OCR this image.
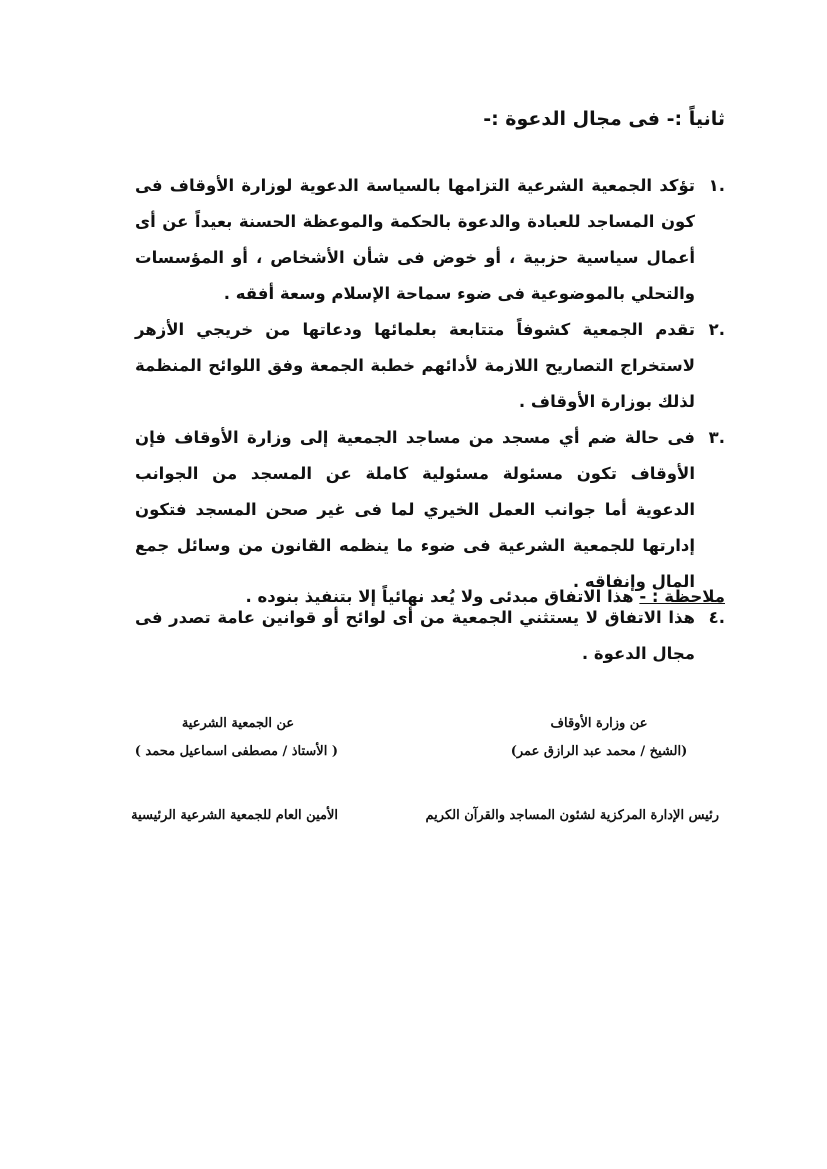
ثانياً :- فى مجال الدعوة :-
.١
تؤكد الجمعية الشرعية التزامها بالسياسة الدعوية لوزارة الأوقاف فى كون المساجد للعبادة والدعوة بالحكمة والموعظة الحسنة بعيداً عن أى أعمال سياسية حزبية ، أو خوض فى شأن الأشخاص ، أو المؤسسات والتحلي بالموضوعية فى ضوء سماحة الإسلام وسعة أفقه .
.٢
تقدم الجمعية كشوفاً متتابعة بعلمائها ودعاتها من خريجي الأزهر لاستخراج التصاريح اللازمة لأدائهم خطبة الجمعة وفق اللوائح المنظمة لذلك بوزارة الأوقاف .
.٣
فى حالة ضم أي مسجد من مساجد الجمعية إلى وزارة الأوقاف فإن الأوقاف تكون مسئولة مسئولية كاملة عن المسجد من الجوانب الدعوية أما جوانب العمل الخيري لما فى غير صحن المسجد فتكون إدارتها للجمعية الشرعية فى ضوء ما ينظمه القانون من وسائل جمع المال وإنفاقه .
.٤
هذا الاتفاق لا يستثني الجمعية من أى لوائح أو قوانين عامة تصدر فى مجال الدعوة .
ملاحظة : - هذا الاتفاق مبدئى ولا يُعد نهائياً إلا بتنفيذ بنوده .
عن وزارة الأوقاف
(الشيخ / محمد عبد الرازق عمر)
رئيس الإدارة المركزية لشئون المساجد والقرآن الكريم
عن الجمعية الشرعية
( الأستاذ / مصطفى اسماعيل محمد )
الأمين العام للجمعية الشرعية الرئيسية
